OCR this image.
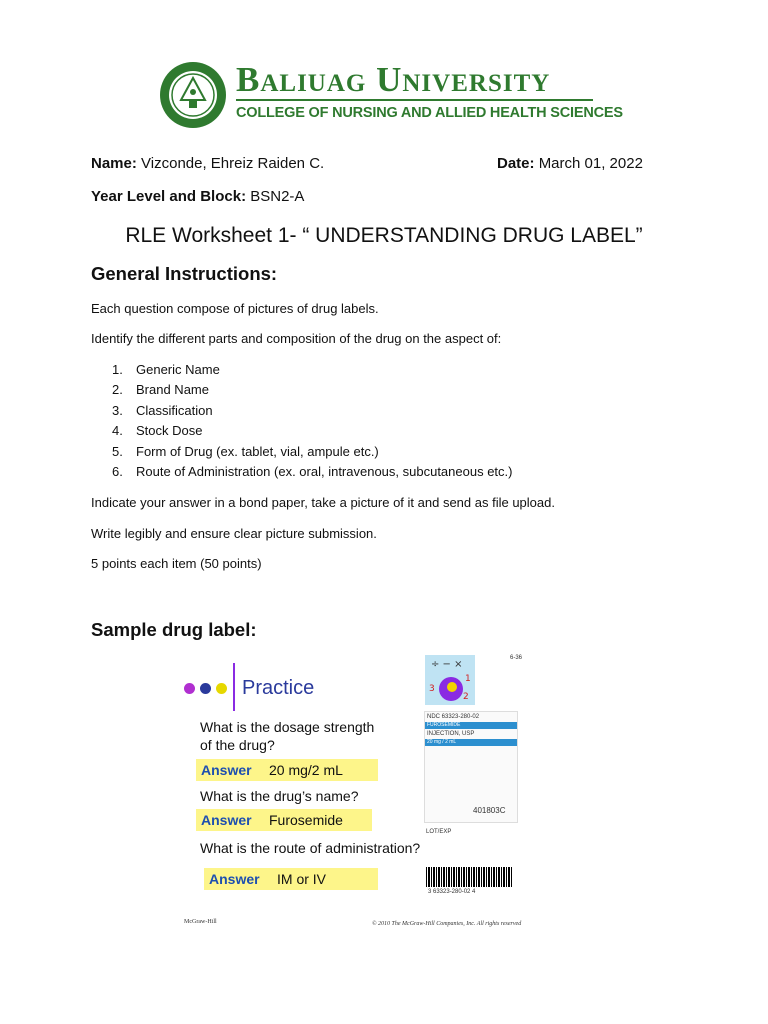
Baliuag University
COLLEGE OF NURSING AND ALLIED HEALTH SCIENCES
Name: Vizconde, Ehreiz Raiden C.	Date: March 01, 2022
Year Level and Block: BSN2-A
RLE Worksheet 1- “ UNDERSTANDING DRUG LABEL”
General Instructions:
Each question compose of pictures of drug labels.
Identify the different parts and composition of the drug on the aspect of:
1. Generic Name
2. Brand Name
3. Classification
4. Stock Dose
5. Form of Drug (ex. tablet, vial, ampule etc.)
6. Route of Administration (ex. oral, intravenous, subcutaneous etc.)
Indicate your answer in a bond paper, take a picture of it and send as file upload.
Write legibly and ensure clear picture submission.
5 points each item (50 points)
Sample drug label:
6-36
Practice
÷ − ×
3
1
2
What is the dosage strength
of the drug?
Answer 20 mg/2 mL
What is the drug’s name?
Answer Furosemide
What is the route of administration?
Answer IM or IV
NDC 63323-280-02
FUROSEMIDE
INJECTION, USP
20 mg / 2 mL
401803C
LOT/EXP
3 63323-280-02 4
McGraw-Hill	© 2010 The McGraw-Hill Companies, Inc. All rights reserved
